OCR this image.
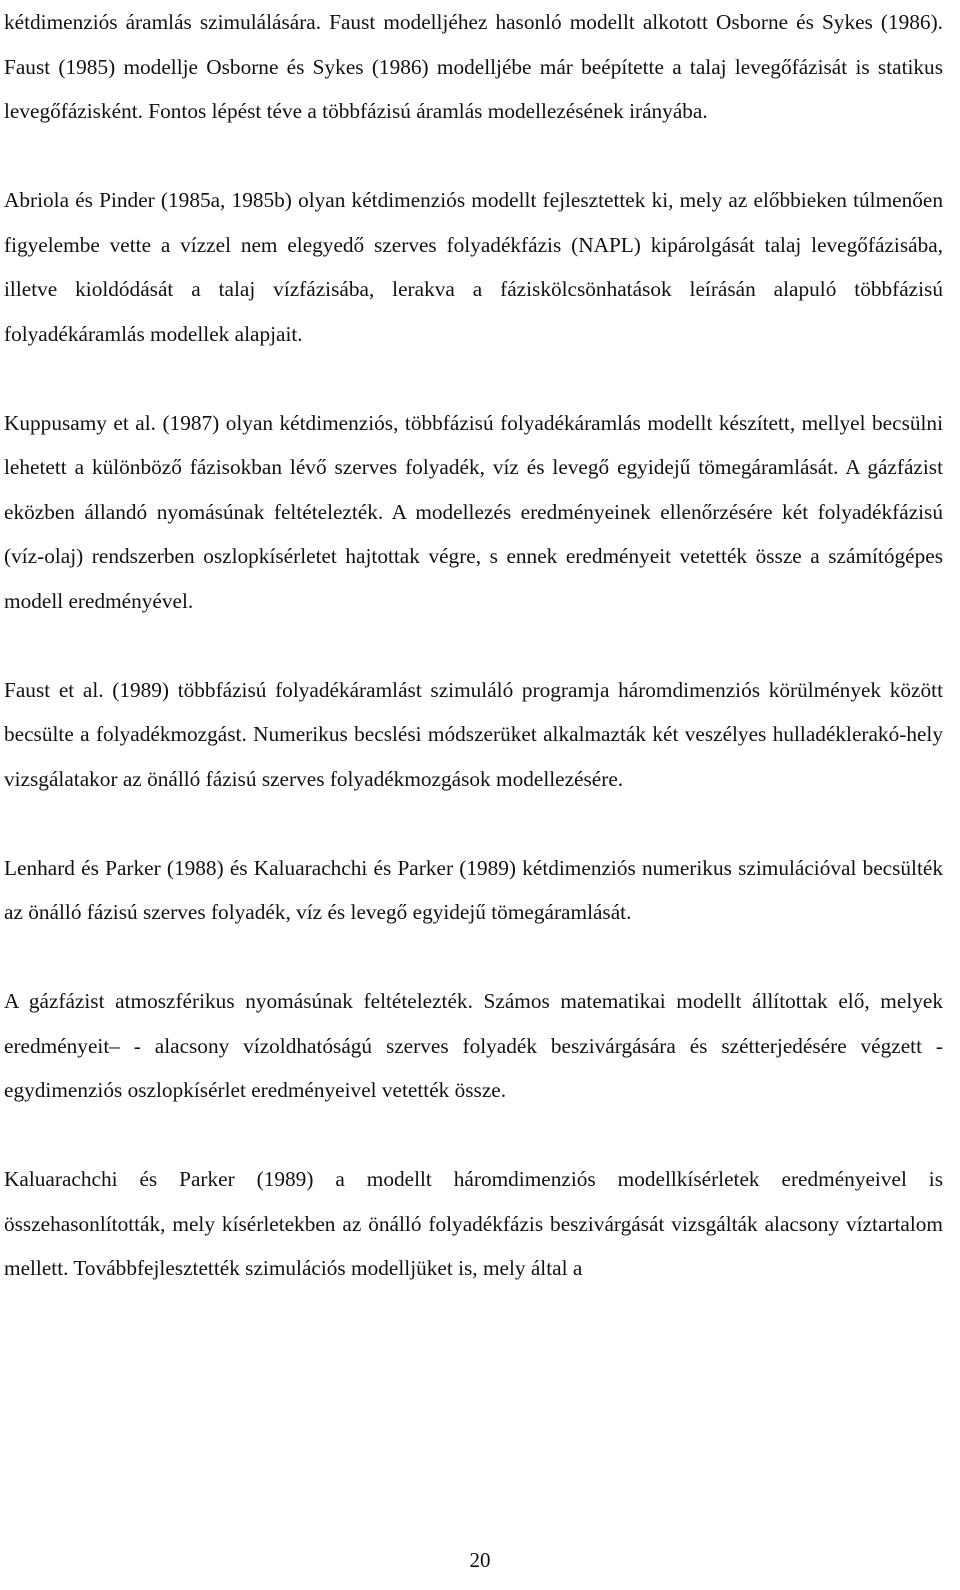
kétdimenziós áramlás szimulálására. Faust modelljéhez hasonló modellt alkotott Osborne és Sykes (1986). Faust (1985) modellje Osborne és Sykes (1986) modelljébe már beépítette a talaj levegőfázisát is statikus levegőfázisként. Fontos lépést téve a többfázisú áramlás modellezésének irányába.

Abriola és Pinder (1985a, 1985b) olyan kétdimenziós modellt fejlesztettek ki, mely az előbbieken túlmenően figyelembe vette a vízzel nem elegyedő szerves folyadékfázis (NAPL) kipárolgását talaj levegőfázisába, illetve kioldódását a talaj vízfázisába, lerakva a fáziskölcsönhatások leírásán alapuló többfázisú folyadékáramlás modellek alapjait.

Kuppusamy et al. (1987) olyan kétdimenziós, többfázisú folyadékáramlás modellt készített, mellyel becsülni lehetett a különböző fázisokban lévő szerves folyadék, víz és levegő egyidejű tömegáramlását. A gázfázist eközben állandó nyomásúnak feltételezték. A modellezés eredményeinek ellenőrzésére két folyadékfázisú (víz-olaj) rendszerben oszlopkísérletet hajtottak végre, s ennek eredményeit vetették össze a számítógépes modell eredményével.

Faust et al. (1989) többfázisú folyadékáramlást szimuláló programja háromdimenziós körülmények között becsülte a folyadékmozgást. Numerikus becslési módszerüket alkalmazták két veszélyes hulladéklerakó-hely vizsgálatakor az önálló fázisú szerves folyadékmozgások modellezésére.

Lenhard és Parker (1988) és Kaluarachchi és Parker (1989) kétdimenziós numerikus szimulációval becsülték az önálló fázisú szerves folyadék, víz és levegő egyidejű tömegáramlását.

A gázfázist atmoszférikus nyomásúnak feltételezték. Számos matematikai modellt állítottak elő, melyek eredményeit– - alacsony vízoldhatóságú szerves folyadék beszivárgására és szétterjedésére végzett - egydimenziós oszlopkísérlet eredményeivel vetették össze.

Kaluarachchi és Parker (1989) a modellt háromdimenziós modellkísérletek eredményeivel is összehasonlították, mely kísérletekben az önálló folyadékfázis beszivárgását vizsgálták alacsony víztartalom mellett. Továbbfejlesztették szimulációs modelljüket is, mely által a

20
